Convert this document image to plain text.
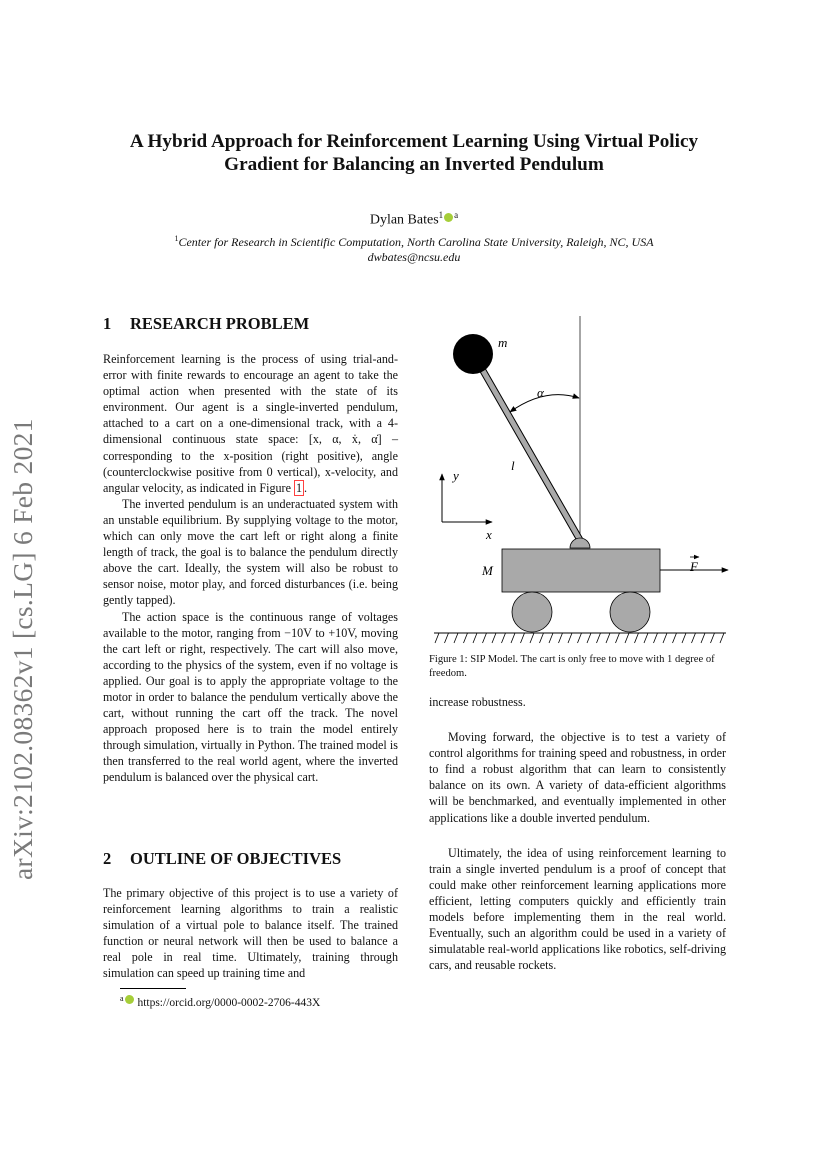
arXiv:2102.08362v1 [cs.LG] 6 Feb 2021
A Hybrid Approach for Reinforcement Learning Using Virtual Policy
Gradient for Balancing an Inverted Pendulum
Dylan Bates$^1$ $^a$
$^1$Center for Research in Scientific Computation, North Carolina State University, Raleigh, NC, USA
dwbates@ncsu.edu
1 RESEARCH PROBLEM

Reinforcement learning is the process of using trial-and-error with finite rewards to encourage an agent to take the optimal action when presented with the state of its environment. Our agent is a single-inverted pendulum, attached to a cart on a one-dimensional track, with a 4-dimensional continuous state space: [x, α, ẋ, α̇] – corresponding to the x-position (right positive), angle (counterclockwise positive from 0 vertical), x-velocity, and angular velocity, as indicated in Figure 1 .

The inverted pendulum is an underactuated system with an unstable equilibrium. By supplying voltage to the motor, which can only move the cart left or right along a finite length of track, the goal is to balance the pendulum directly above the cart. Ideally, the system will also be robust to sensor noise, motor play, and forced disturbances (i.e. being gently tapped).

The action space is the continuous range of voltages available to the motor, ranging from −10V to +10V, moving the cart left or right, respectively. The cart will also move, according to the physics of the system, even if no voltage is applied. Our goal is to apply the appropriate voltage to the motor in order to balance the pendulum vertically above the cart, without running the cart off the track. The novel approach proposed here is to train the model entirely through simulation, virtually in Python. The trained model is then transferred to the real world agent, where the inverted pendulum is balanced over the physical cart.

2 OUTLINE OF OBJECTIVES

The primary objective of this project is to use a variety of reinforcement learning algorithms to train a realistic simulation of a virtual pole to balance itself. The trained function or neural network will then be used to balance a real pole in real time. Ultimately, training through simulation can speed up training time and

m
α
l
y
x
M	F
Figure 1: SIP Model. The cart is only free to move with 1 degree of freedom.

increase robustness.

Moving forward, the objective is to test a variety of control algorithms for training speed and robustness, in order to find a robust algorithm that can learn to consistently balance on its own. A variety of data-efficient algorithms will be benchmarked, and eventually implemented in other applications like a double inverted pendulum.

Ultimately, the idea of using reinforcement learning to train a single inverted pendulum is a proof of concept that could make other reinforcement learning applications more efficient, letting computers quickly and efficiently train models before implementing them in the real world. Eventually, such an algorithm could be used in a variety of simulatable real-world applications like robotics, self-driving cars, and reusable rockets.

$^a$ https://orcid.org/0000-0002-2706-443X
